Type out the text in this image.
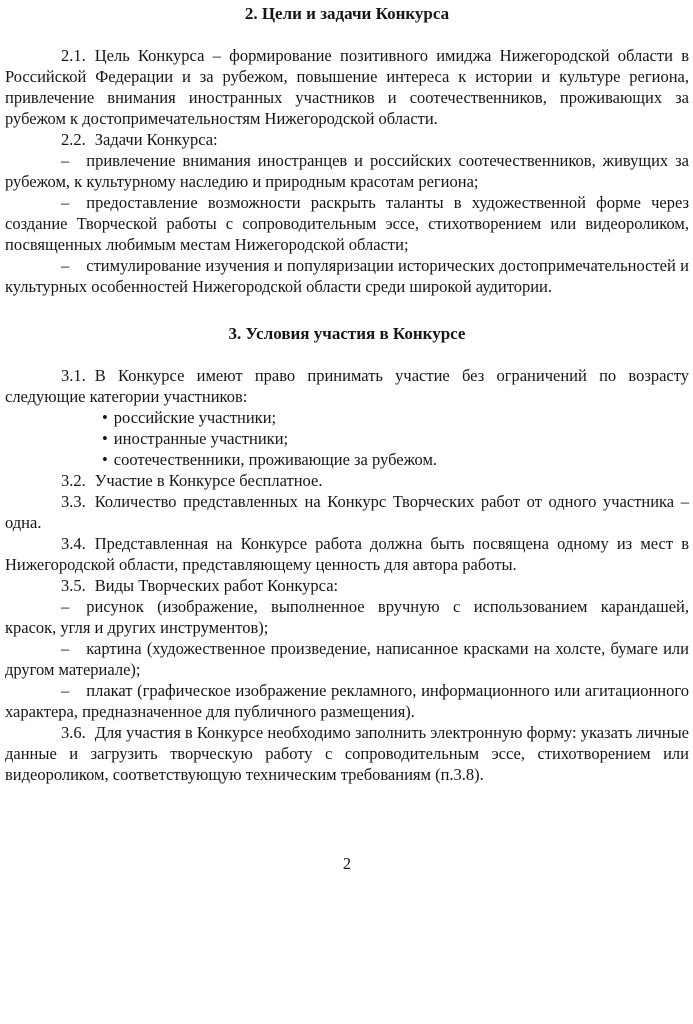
2. Цели и задачи Конкурса

2.1. Цель Конкурса – формирование позитивного имиджа Нижегородской области в Российской Федерации и за рубежом, повышение интереса к истории и культуре региона, привлечение внимания иностранных участников и соотечественников, проживающих за рубежом к достопримечательностям Нижегородской области.

2.2. Задачи Конкурса:

– привлечение внимания иностранцев и российских соотечественников, живущих за рубежом, к культурному наследию и природным красотам региона;

– предоставление возможности раскрыть таланты в художественной форме через создание Творческой работы с сопроводительным эссе, стихотворением или видеороликом, посвященных любимым местам Нижегородской области;

– стимулирование изучения и популяризации исторических достопримечательностей и культурных особенностей Нижегородской области среди широкой аудитории.

3. Условия участия в Конкурсе

3.1. В Конкурсе имеют право принимать участие без ограничений по возрасту следующие категории участников:

• российские участники;

• иностранные участники;

• соотечественники, проживающие за рубежом.

3.2. Участие в Конкурсе бесплатное.

3.3. Количество представленных на Конкурс Творческих работ от одного участника – одна.

3.4. Представленная на Конкурсе работа должна быть посвящена одному из мест в Нижегородской области, представляющему ценность для автора работы.

3.5. Виды Творческих работ Конкурса:

– рисунок (изображение, выполненное вручную с использованием карандашей, красок, угля и других инструментов);

– картина (художественное произведение, написанное красками на холсте, бумаге или другом материале);

– плакат (графическое изображение рекламного, информационного или агитационного характера, предназначенное для публичного размещения).

3.6. Для участия в Конкурсе необходимо заполнить электронную форму: указать личные данные и загрузить творческую работу с сопроводительным эссе, стихотворением или видеороликом, соответствующую техническим требованиям (п.3.8).

2
